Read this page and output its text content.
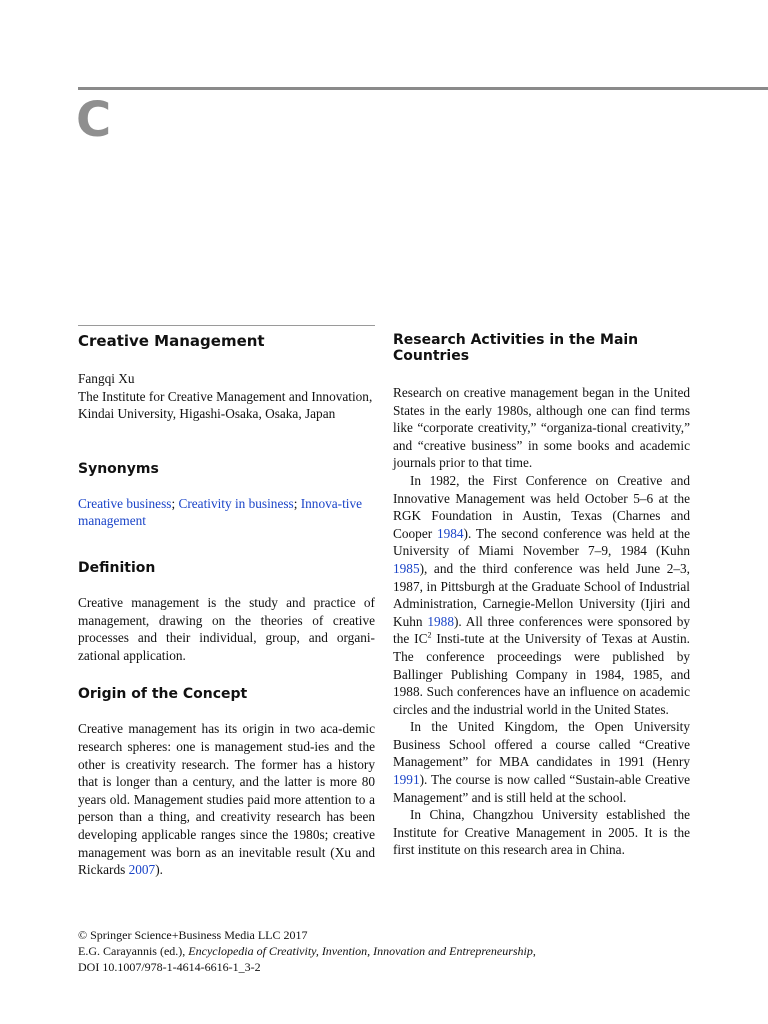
C
Creative Management
Fangqi Xu
The Institute for Creative Management and Innovation, Kindai University, Higashi-Osaka, Osaka, Japan
Synonyms

Creative business; Creativity in business; Innova-tive management

Definition

Creative management is the study and practice of management, drawing on the theories of creative processes and their individual, group, and organi-zational application.

Origin of the Concept

Creative management has its origin in two aca-demic research spheres: one is management stud-ies and the other is creativity research. The former has a history that is longer than a century, and the latter is more 80 years old. Management studies paid more attention to a person than a thing, and creativity research has been developing applicable ranges since the 1980s; creative management was born as an inevitable result (Xu and Rickards 2007).

Research Activities in the Main Countries

Research on creative management began in the United States in the early 1980s, although one can find terms like “corporate creativity,” “organiza-tional creativity,” and “creative business” in some books and academic journals prior to that time.

In 1982, the First Conference on Creative and Innovative Management was held October 5–6 at the RGK Foundation in Austin, Texas (Charnes and Cooper 1984). The second conference was held at the University of Miami November 7–9, 1984 (Kuhn 1985), and the third conference was held June 2–3, 1987, in Pittsburgh at the Graduate School of Industrial Administration, Carnegie-Mellon University (Ijiri and Kuhn 1988). All three conferences were sponsored by the $IC^2$ Insti-tute at the University of Texas at Austin. The conference proceedings were published by Ballinger Publishing Company in 1984, 1985, and 1988. Such conferences have an influence on academic circles and the industrial world in the United States.

In the United Kingdom, the Open University Business School offered a course called “Creative Management” for MBA candidates in 1991 (Henry 1991). The course is now called “Sustain-able Creative Management” and is still held at the school.

In China, Changzhou University established the Institute for Creative Management in 2005. It is the first institute on this research area in China.

© Springer Science+Business Media LLC 2017
E.G. Carayannis (ed.), Encyclopedia of Creativity, Invention, Innovation and Entrepreneurship,
DOI 10.1007/978-1-4614-6616-1_3-2
